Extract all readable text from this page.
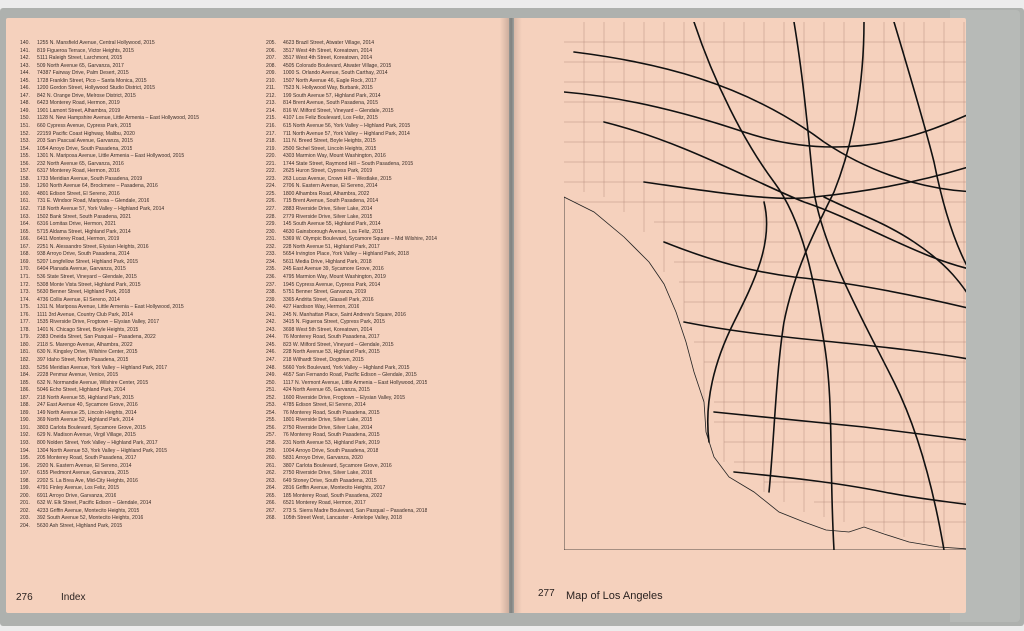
140.	1255 N. Mansfield Avenue, Central Hollywood, 2015
141.	819 Figueroa Terrace, Victor Heights, 2015
142.	5111 Raleigh Street, Larchmont, 2015
143.	509 North Avenue 65, Garvanza, 2017
144.	74387 Fairway Drive, Palm Desert, 2015
145.	1728 Franklin Street, Pico – Santa Monica, 2015
146.	1200 Gordon Street, Hollywood Studio District, 2015
147.	842 N. Orange Drive, Melrose District, 2015
148.	6423 Monterey Road, Hermon, 2019
149.	1901 Lamont Street, Alhambra, 2019
150.	1128 N. New Hampshire Avenue, Little Armenia – East Hollywood, 2015
151.	660 Cypress Avenue, Cypress Park, 2015
152.	22159 Pacific Coast Highway, Malibu, 2020
153.	203 San Pascual Avenue, Garvanza, 2015
154.	1054 Arroyo Drive, South Pasadena, 2015
155.	1301 N. Mariposa Avenue, Little Armenia – East Hollywood, 2015
156.	232 North Avenue 65, Garvanza, 2016
157.	6317 Monterey Road, Hermon, 2016
158.	1733 Meridian Avenue, South Pasadena, 2019
159.	1260 North Avenue 64, Brockmere – Pasadena, 2016
160.	4801 Edison Street, El Sereno, 2016
161.	731 E. Windsor Road, Mariposa – Glendale, 2016
162.	718 North Avenue 57, York Valley – Highland Park, 2014
163.	1502 Bank Street, South Pasadena, 2021
164.	6316 Lomitas Drive, Hermon, 2021
165.	5715 Aldama Street, Highland Park, 2014
166.	6411 Monterey Road, Hermon, 2019
167.	2251 N. Alessandro Street, Elysian Heights, 2016
168.	938 Arroyo Drive, South Pasadena, 2014
169.	5207 Longfellow Street, Highland Park, 2015
170.	6404 Planada Avenue, Garvanza, 2015
171.	536 State Street, Vineyard – Glendale, 2015
172.	5308 Monte Vista Street, Highland Park, 2015
173.	5630 Benner Street, Highland Park, 2018
174.	4736 Collis Avenue, El Sereno, 2014
175.	1311 N. Mariposa Avenue, Little Armenia – East Hollywood, 2015
176.	1111 3rd Avenue, Country Club Park, 2014
177.	1535 Riverside Drive, Frogtown – Elysian Valley, 2017
178.	1401 N. Chicago Street, Boyle Heights, 2015
179.	2383 Oneida Street, San Pasqual – Pasadena, 2022
180.	2118 S. Marengo Avenue, Alhambra, 2022
181.	630 N. Kingsley Drive, Wilshire Center, 2015
182.	397 Idaho Street, North Pasadena, 2015
183.	5256 Meridian Avenue, York Valley – Highland Park, 2017
184.	2228 Penmar Avenue, Venice, 2015
185.	632 N. Normandie Avenue, Wilshire Center, 2015
186.	5046 Echo Street, Highland Park, 2014
187.	218 North Avenue 55, Highland Park, 2015
188.	247 East Avenue 40, Sycamore Grove, 2016
189.	149 North Avenue 25, Lincoln Heights, 2014
190.	369 North Avenue 52, Highland Park, 2014
191.	3803 Carlota Boulevard, Sycamore Grove, 2015
192.	629 N. Madison Avenue, Virgil Village, 2015
193.	800 Nolden Street, York Valley – Highland Park, 2017
194.	1304 North Avenue 53, York Valley – Highland Park, 2015
195.	205 Monterey Road, South Pasadena, 2017
196.	2920 N. Eastern Avenue, El Sereno, 2014
197.	6155 Piedmont Avenue, Garvanza, 2015
198.	2202 S. La Brea Ave, Mid-City Heights, 2016
199.	4791 Finley Avenue, Los Feliz, 2015
200.	6911 Arroyo Drive, Garvanza, 2016
201.	632 W. Elk Street, Pacific Edison – Glendale, 2014
202.	4233 Griffin Avenue, Montecito Heights, 2015
203.	392 South Avenue 52, Montecito Heights, 2016
204.	5630 Ash Street, Highland Park, 2015
205.	4623 Brazil Street, Atwater Village, 2014
206.	3517 West 4th Street, Koreatown, 2014
207.	3517 West 4th Street, Koreatown, 2014
208.	4505 Colorado Boulevard, Atwater Village, 2015
209.	1000 S. Orlando Avenue, South Carthay, 2014
210.	1507 North Avenue 46, Eagle Rock, 2017
211.	7523 N. Hollywood Way, Burbank, 2015
212.	199 South Avenue 57, Highland Park, 2014
213.	814 Brent Avenue, South Pasadena, 2015
214.	816 W. Milford Street, Vineyard – Glendale, 2015
215.	4107 Los Feliz Boulevard, Los Feliz, 2015
216.	615 North Avenue 56, York Valley – Highland Park, 2015
217.	711 North Avenue 57, York Valley – Highland Park, 2014
218.	111 N. Breed Street, Boyle Heights, 2015
219.	2500 Sichel Street, Lincoln Heights, 2015
220.	4303 Marmion Way, Mount Washington, 2016
221.	1744 State Street, Raymond Hill – South Pasadena, 2015
222.	2625 Huron Street, Cypress Park, 2019
223.	263 Lucas Avenue, Crown Hill – Westlake, 2015
224.	2706 N. Eastern Avenue, El Sereno, 2014
225.	1800 Alhambra Road, Alhambra, 2022
226.	715 Brent Avenue, South Pasadena, 2014
227.	2883 Riverside Drive, Silver Lake, 2014
228.	2779 Riverside Drive, Silver Lake, 2015
229.	145 South Avenue 55, Highland Park, 2014
230.	4630 Gainsborough Avenue, Los Feliz, 2015
231.	5369 W. Olympic Boulevard, Sycamore Square – Mid Wilshire, 2014
232.	228 North Avenue 51, Highland Park, 2017
233.	5654 Irvington Place, York Valley – Highland Park, 2018
234.	5611 Media Drive, Highland Park, 2018
235.	245 East Avenue 39, Sycamore Grove, 2016
236.	4795 Marmion Way, Mount Washington, 2019
237.	1945 Cypress Avenue, Cypress Park, 2014
238.	5751 Benner Street, Garvanza, 2019
239.	3365 Andrita Street, Glassell Park, 2016
240.	427 Hardison Way, Hermon, 2016
241.	245 N. Manhattan Place, Saint Andrew's Square, 2016
242.	3415 N. Figueroa Street, Cypress Park, 2015
243.	3698 West 5th Street, Koreatown, 2014
244.	76 Monterey Road, South Pasadena, 2017
245.	823 W. Milford Street, Vineyard – Glendale, 2015
246.	228 North Avenue 53, Highland Park, 2015
247.	218 Wilhardt Street, Dogtown, 2015
248.	5660 York Boulevard, York Valley – Highland Park, 2015
249.	4657 San Fernando Road, Pacific Edison – Glendale, 2015
250.	1117 N. Vermont Avenue, Little Armenia – East Hollywood, 2015
251.	424 North Avenue 65, Garvanza, 2015
252.	1600 Riverside Drive, Frogtown – Elysian Valley, 2015
253.	4785 Edison Street, El Sereno, 2014
254.	76 Monterey Road, South Pasadena, 2015
255.	1801 Riverside Drive, Silver Lake, 2015
256.	2750 Riverside Drive, Silver Lake, 2014
257.	76 Monterey Road, South Pasadena, 2015
258.	231 North Avenue 53, Highland Park, 2019
259.	1004 Arroyo Drive, South Pasadena, 2018
260.	5831 Arroyo Drive, Garvanza, 2020
261.	3807 Carlota Boulevard, Sycamore Grove, 2016
262.	2750 Riverside Drive, Silver Lake, 2016
263.	649 Stoney Drive, South Pasadena, 2015
264.	2816 Griffin Avenue, Montecito Heights, 2017
265.	185 Monterey Road, South Pasadena, 2022
266.	6521 Monterey Road, Hermon, 2017
267.	273 S. Sierra Madre Boulevard, San Pasqual – Pasadena, 2018
268.	105th Street West, Lancaster - Antelope Valley, 2018
276	Index	277 Map of Los Angeles
